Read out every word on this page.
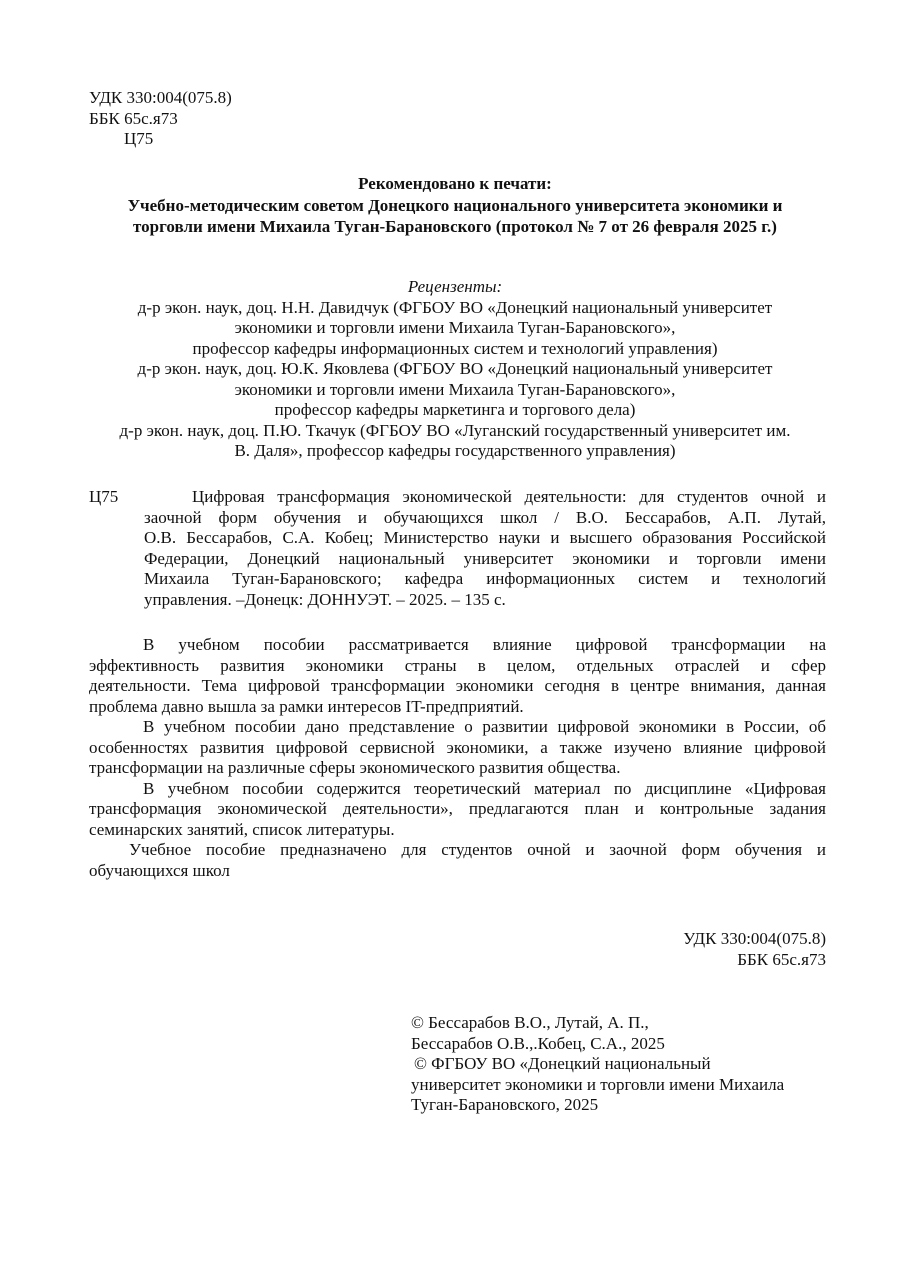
УДК 330:004(075.8)
ББК 65с.я73
Ц75
Рекомендовано к печати:
Учебно-методическим советом Донецкого национального университета экономики и
торговли имени Михаила Туган-Барановского (протокол № 7 от 26 февраля 2025 г.)
Рецензенты:
д-р экон. наук, доц. Н.Н. Давидчук (ФГБОУ ВО «Донецкий национальный университет
экономики и торговли имени Михаила Туган-Барановского»,
профессор кафедры информационных систем и технологий управления)
д-р экон. наук, доц. Ю.К. Яковлева (ФГБОУ ВО «Донецкий национальный университет
экономики и торговли имени Михаила Туган-Барановского»,
профессор кафедры маркетинга и торгового дела)
д-р экон. наук, доц. П.Ю. Ткачук (ФГБОУ ВО «Луганский государственный университет им.
В. Даля», профессор кафедры государственного управления)
Ц75	Цифровая трансформация экономической деятельности: для студентов очной и
заочной форм обучения и обучающихся школ / В.О. Бессарабов, А.П. Лутай,
О.В. Бессарабов, С.А. Кобец; Министерство науки и высшего образования Российской
Федерации, Донецкий национальный университет экономики и торговли имени
Михаила Туган-Барановского; кафедра информационных систем и технологий
управления. –Донецк: ДОННУЭТ. – 2025. – 135 с.
В учебном пособии рассматривается влияние цифровой трансформации на
эффективность развития экономики страны в целом, отдельных отраслей и сфер
деятельности. Тема цифровой трансформации экономики сегодня в центре внимания, данная
проблема давно вышла за рамки интересов IT-предприятий.
В учебном пособии дано представление о развитии цифровой экономики в России, об
особенностях развития цифровой сервисной экономики, а также изучено влияние цифровой
трансформации на различные сферы экономического развития общества.
В учебном пособии содержится теоретический материал по дисциплине «Цифровая
трансформация экономической деятельности», предлагаются план и контрольные задания
семинарских занятий, список литературы.
Учебное пособие предназначено для студентов очной и заочной форм обучения и
обучающихся школ
УДК 330:004(075.8)
ББК 65с.я73
© Бессарабов В.О., Лутай, А. П.,
Бессарабов О.В.,.Кобец, С.А., 2025
© ФГБОУ ВО «Донецкий национальный
университет экономики и торговли имени Михаила
Туган-Барановского, 2025
